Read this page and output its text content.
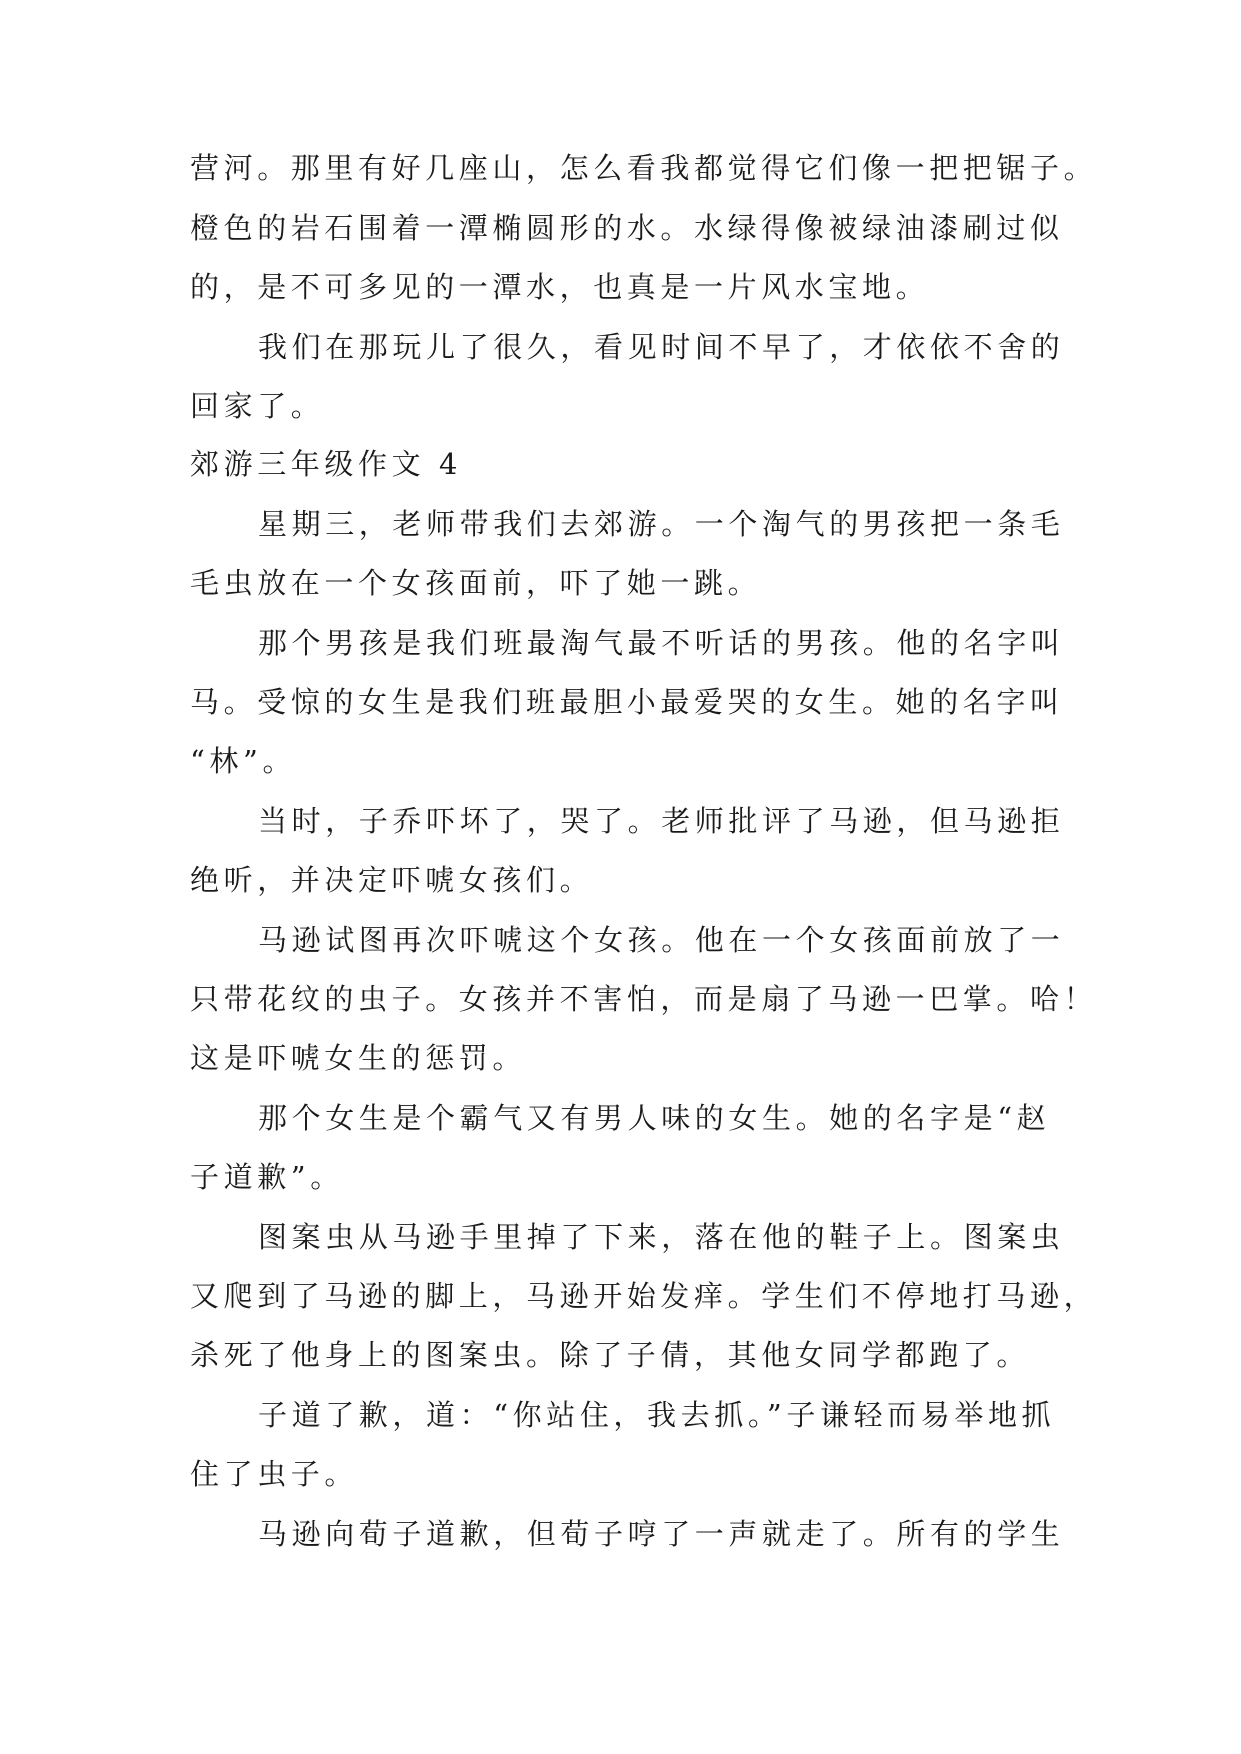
营河。那里有好几座山，怎么看我都觉得它们像一把把锯子。
橙色的岩石围着一潭椭圆形的水。水绿得像被绿油漆刷过似
的，是不可多见的一潭水，也真是一片风水宝地。
我们在那玩儿了很久，看见时间不早了，才依依不舍的
回家了。
郊游三年级作文 4
星期三，老师带我们去郊游。一个淘气的男孩把一条毛
毛虫放在一个女孩面前，吓了她一跳。
那个男孩是我们班最淘气最不听话的男孩。他的名字叫
马。受惊的女生是我们班最胆小最爱哭的女生。她的名字叫
“林”。
当时，子乔吓坏了，哭了。老师批评了马逊，但马逊拒
绝听，并决定吓唬女孩们。
马逊试图再次吓唬这个女孩。他在一个女孩面前放了一
只带花纹的虫子。女孩并不害怕，而是扇了马逊一巴掌。哈！
这是吓唬女生的惩罚。
那个女生是个霸气又有男人味的女生。她的名字是“赵
子道歉”。
图案虫从马逊手里掉了下来，落在他的鞋子上。图案虫
又爬到了马逊的脚上，马逊开始发痒。学生们不停地打马逊，
杀死了他身上的图案虫。除了子倩，其他女同学都跑了。
子道了歉，道：“你站住，我去抓。”子谦轻而易举地抓
住了虫子。
马逊向荀子道歉，但荀子哼了一声就走了。所有的学生
